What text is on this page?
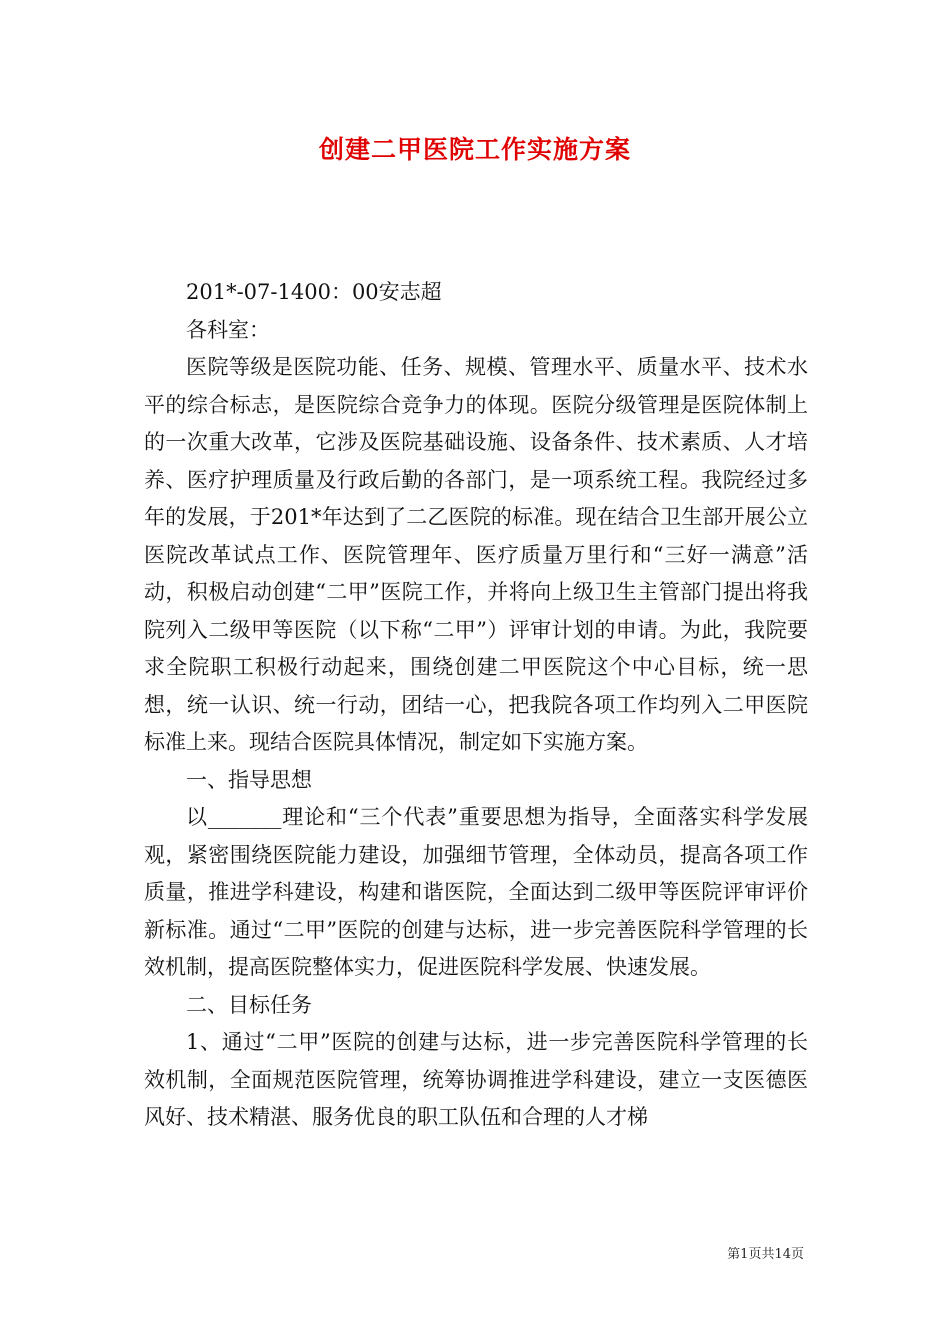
创建二甲医院工作实施方案

201*-07-1400：00安志超

各科室：

医院等级是医院功能、任务、规模、管理水平、质量水平、技术水平的综合标志，是医院综合竞争力的体现。医院分级管理是医院体制上的一次重大改革，它涉及医院基础设施、设备条件、技术素质、人才培养、医疗护理质量及行政后勤的各部门，是一项系统工程。我院经过多年的发展，于201*年达到了二乙医院的标准。现在结合卫生部开展公立医院改革试点工作、医院管理年、医疗质量万里行和“三好一满意”活动，积极启动创建“二甲”医院工作，并将向上级卫生主管部门提出将我院列入二级甲等医院（以下称“二甲”）评审计划的申请。为此，我院要求全院职工积极行动起来，围绕创建二甲医院这个中心目标，统一思想，统一认识、统一行动，团结一心，把我院各项工作均列入二甲医院标准上来。现结合医院具体情况，制定如下实施方案。

一、指导思想

以_______理论和“三个代表”重要思想为指导，全面落实科学发展观，紧密围绕医院能力建设，加强细节管理，全体动员，提高各项工作质量，推进学科建设，构建和谐医院，全面达到二级甲等医院评审评价新标准。通过“二甲”医院的创建与达标，进一步完善医院科学管理的长效机制，提高医院整体实力，促进医院科学发展、快速发展。

二、目标任务

1、通过“二甲”医院的创建与达标，进一步完善医院科学管理的长效机制，全面规范医院管理，统筹协调推进学科建设，建立一支医德医风好、技术精湛、服务优良的职工队伍和合理的人才梯

第1页共14页
